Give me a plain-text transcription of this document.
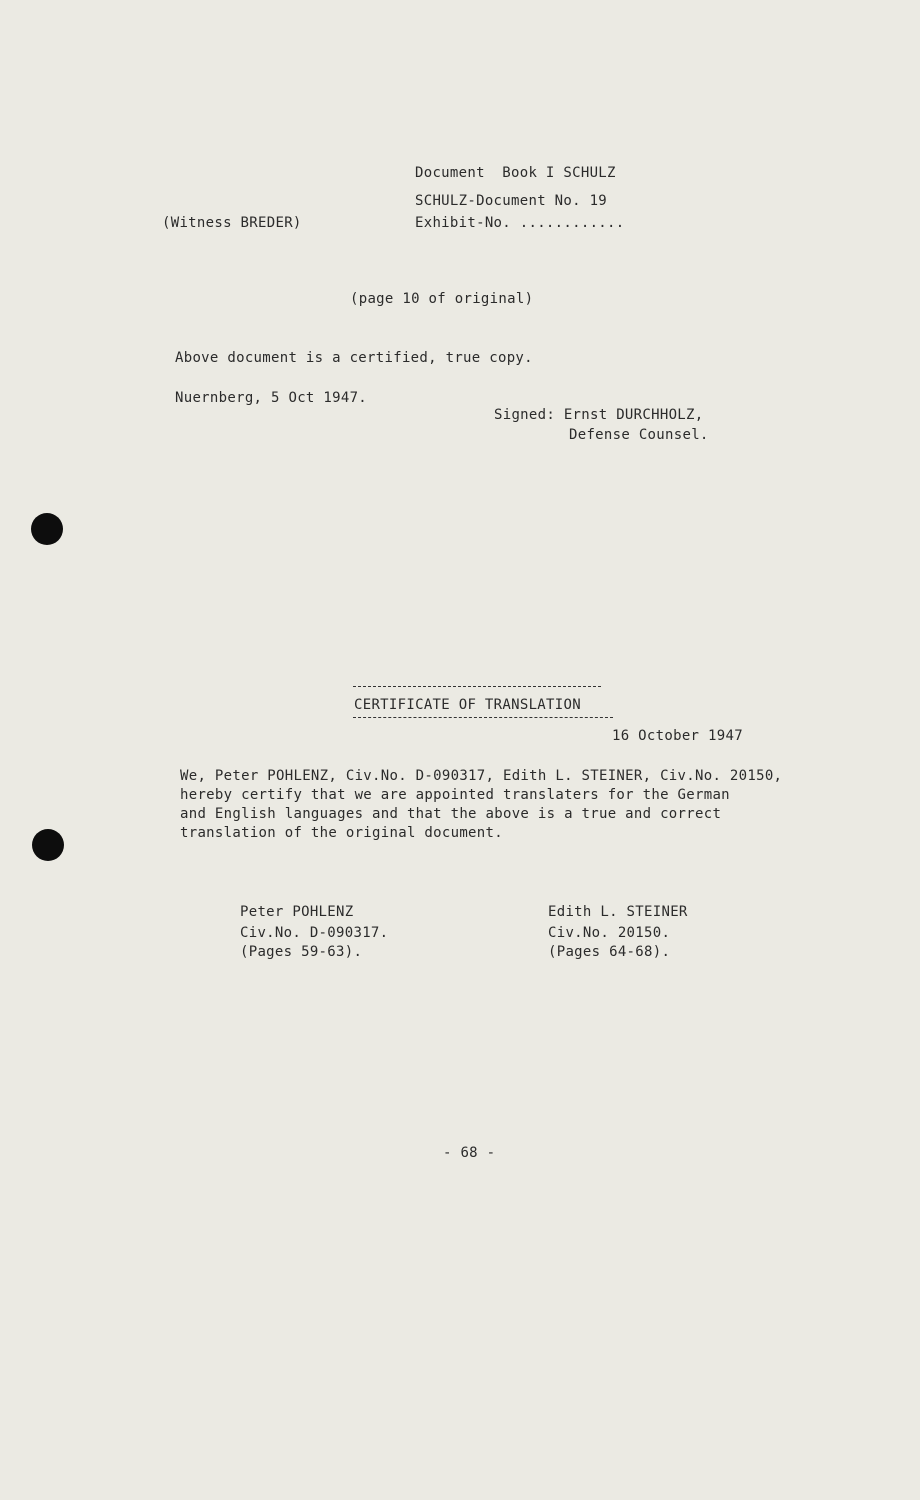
Document  Book I SCHULZ
SCHULZ-Document No. 19
Exhibit-No. ............
(Witness BREDER)
(page 10 of original)
Above document is a certified, true copy.
Nuernberg, 5 Oct 1947.
Signed: Ernst DURCHHOLZ,
Defense Counsel.
CERTIFICATE OF TRANSLATION
16 October 1947
We, Peter POHLENZ, Civ.No. D-090317, Edith L. STEINER, Civ.No. 20150,
hereby certify that we are appointed translaters for the German
and English languages and that the above is a true and correct
translation of the original document.
Peter POHLENZ
Civ.No. D-090317.
(Pages 59-63).
Edith L. STEINER
Civ.No. 20150.
(Pages 64-68).
- 68 -
